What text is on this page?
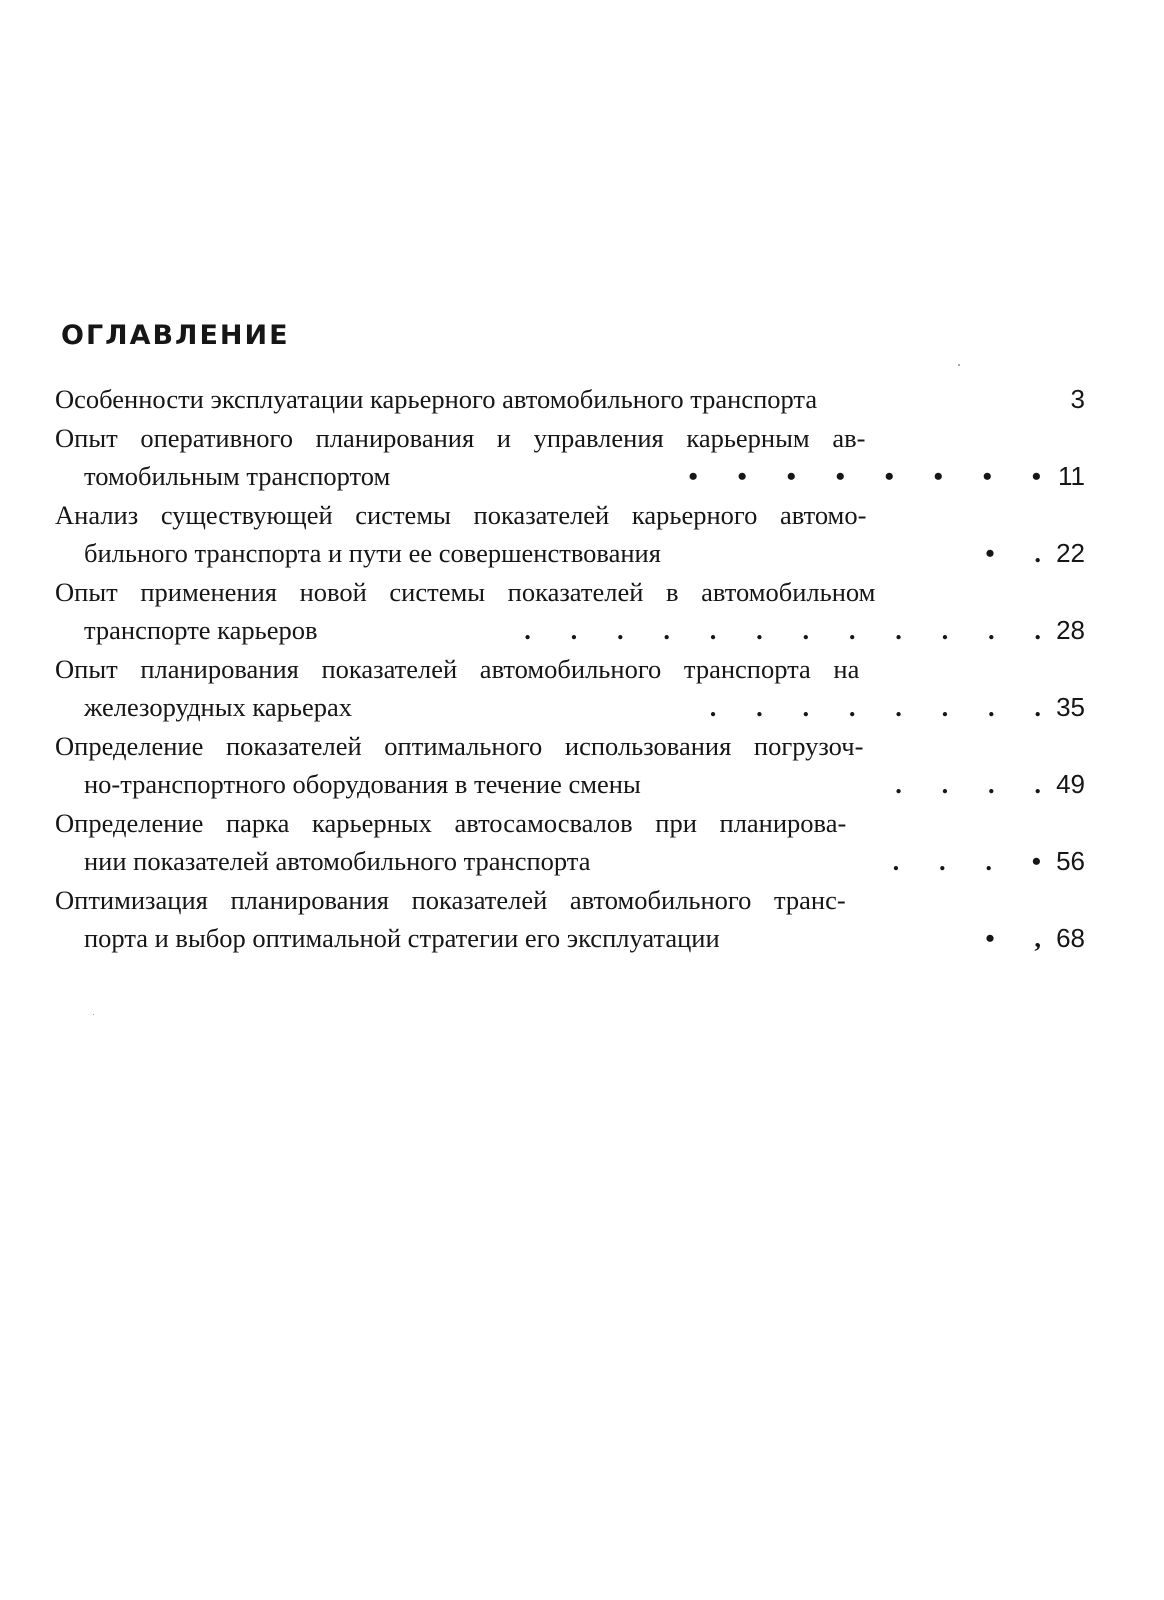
ОГЛАВЛЕНИЕ
Особенности эксплуатации карьерного автомобильного транспорта	3
Опыт оперативного планирования и управления карьерным ав-
томобильным транспортом	•      •      •      •      •      •      •      • 11
Анализ существующей системы показателей карьерного автомо-
бильного транспорта и пути ее совершенствования	•      . 22
Опыт применения новой системы показателей в автомобильном
транспорте карьеров	.      .      .      .      .      .      .      .      .      .      .      . 28
Опыт планирования показателей автомобильного транспорта на
железорудных карьерах	.      .      .      .      .      .      .      . 35
Определение показателей оптимального использования погрузоч-
но-транспортного оборудования в течение смены	.      .      .      . 49
Определение парка карьерных автосамосвалов при планирова-
нии показателей автомобильного транспорта	.      .      .      • 56
Оптимизация планирования показателей автомобильного транс-
порта и выбор оптимальной стратегии его эксплуатации	•      , 68
